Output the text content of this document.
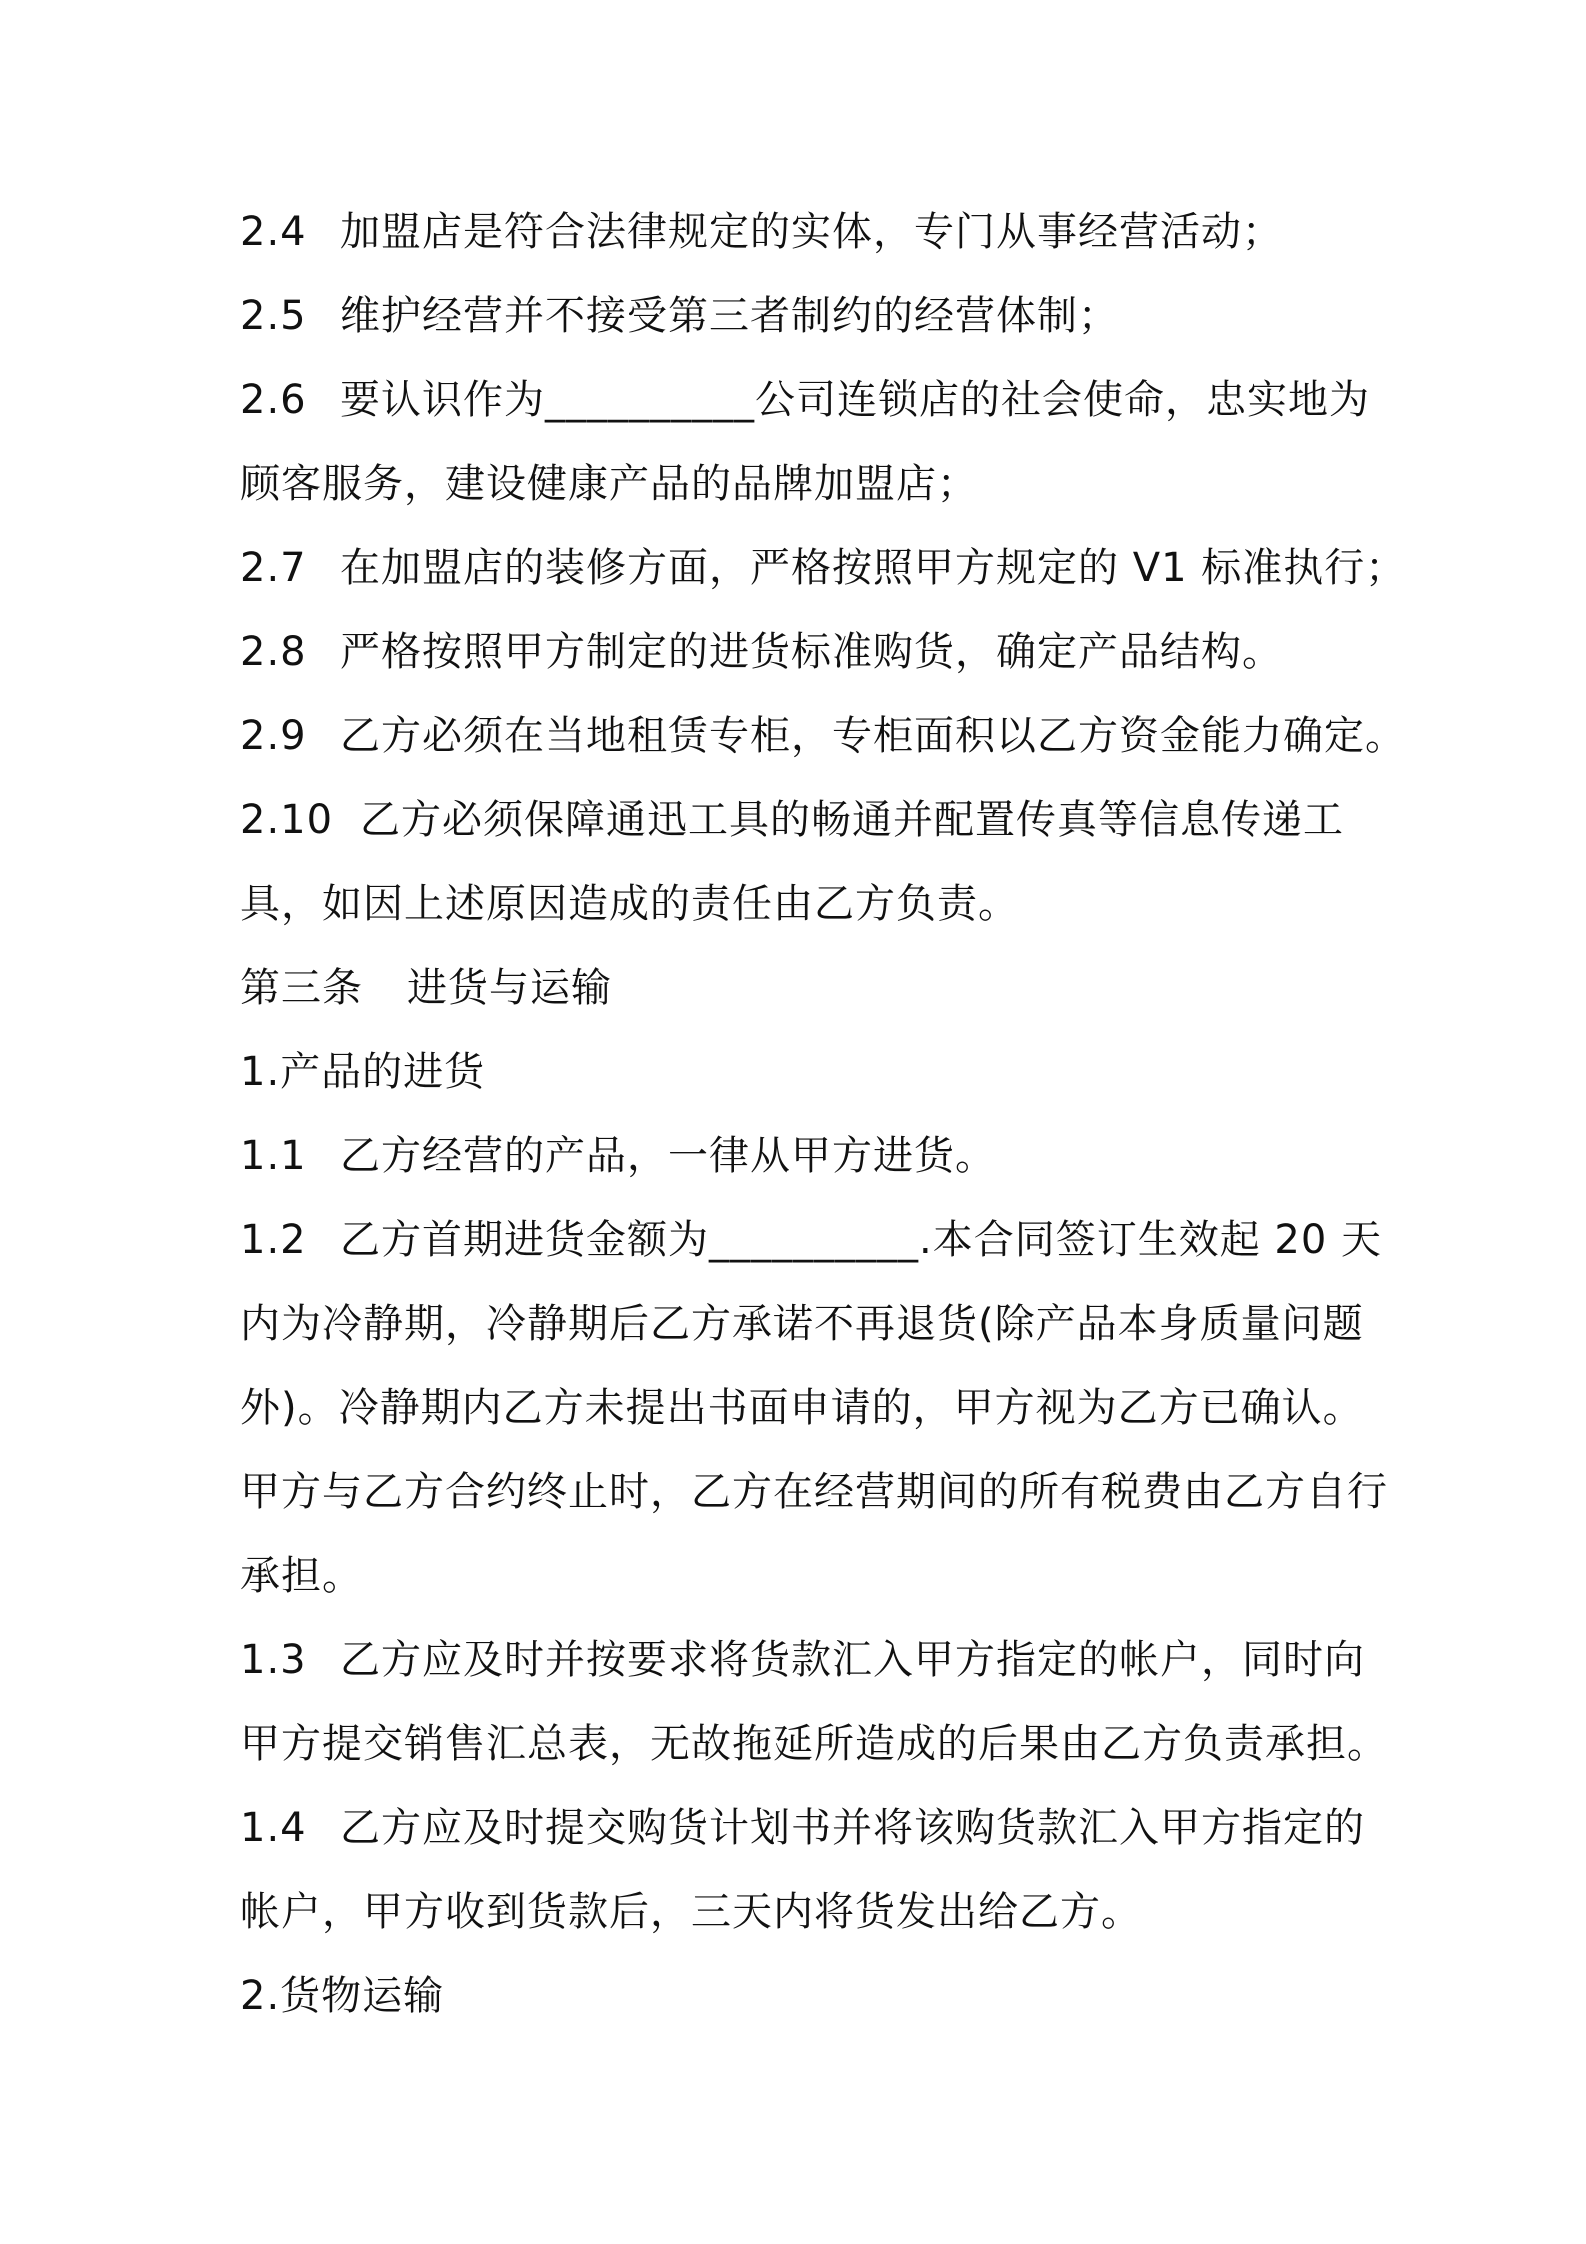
2.4 加盟店是符合法律规定的实体，专门从事经营活动；
2.5 维护经营并不接受第三者制约的经营体制；
2.6 要认识作为__________公司连锁店的社会使命，忠实地为
顾客服务，建设健康产品的品牌加盟店；
2.7 在加盟店的装修方面，严格按照甲方规定的 V1 标准执行；
2.8 严格按照甲方制定的进货标准购货，确定产品结构。
2.9 乙方必须在当地租赁专柜，专柜面积以乙方资金能力确定。
2.10 乙方必须保障通迅工具的畅通并配置传真等信息传递工
具，如因上述原因造成的责任由乙方负责。
第三条 进货与运输
1.产品的进货
1.1 乙方经营的产品，一律从甲方进货。
1.2 乙方首期进货金额为__________.本合同签订生效起 20 天
内为冷静期，冷静期后乙方承诺不再退货(除产品本身质量问题
外)。冷静期内乙方未提出书面申请的，甲方视为乙方已确认。
甲方与乙方合约终止时，乙方在经营期间的所有税费由乙方自行
承担。
1.3 乙方应及时并按要求将货款汇入甲方指定的帐户，同时向
甲方提交销售汇总表，无故拖延所造成的后果由乙方负责承担。
1.4 乙方应及时提交购货计划书并将该购货款汇入甲方指定的
帐户，甲方收到货款后，三天内将货发出给乙方。
2.货物运输
